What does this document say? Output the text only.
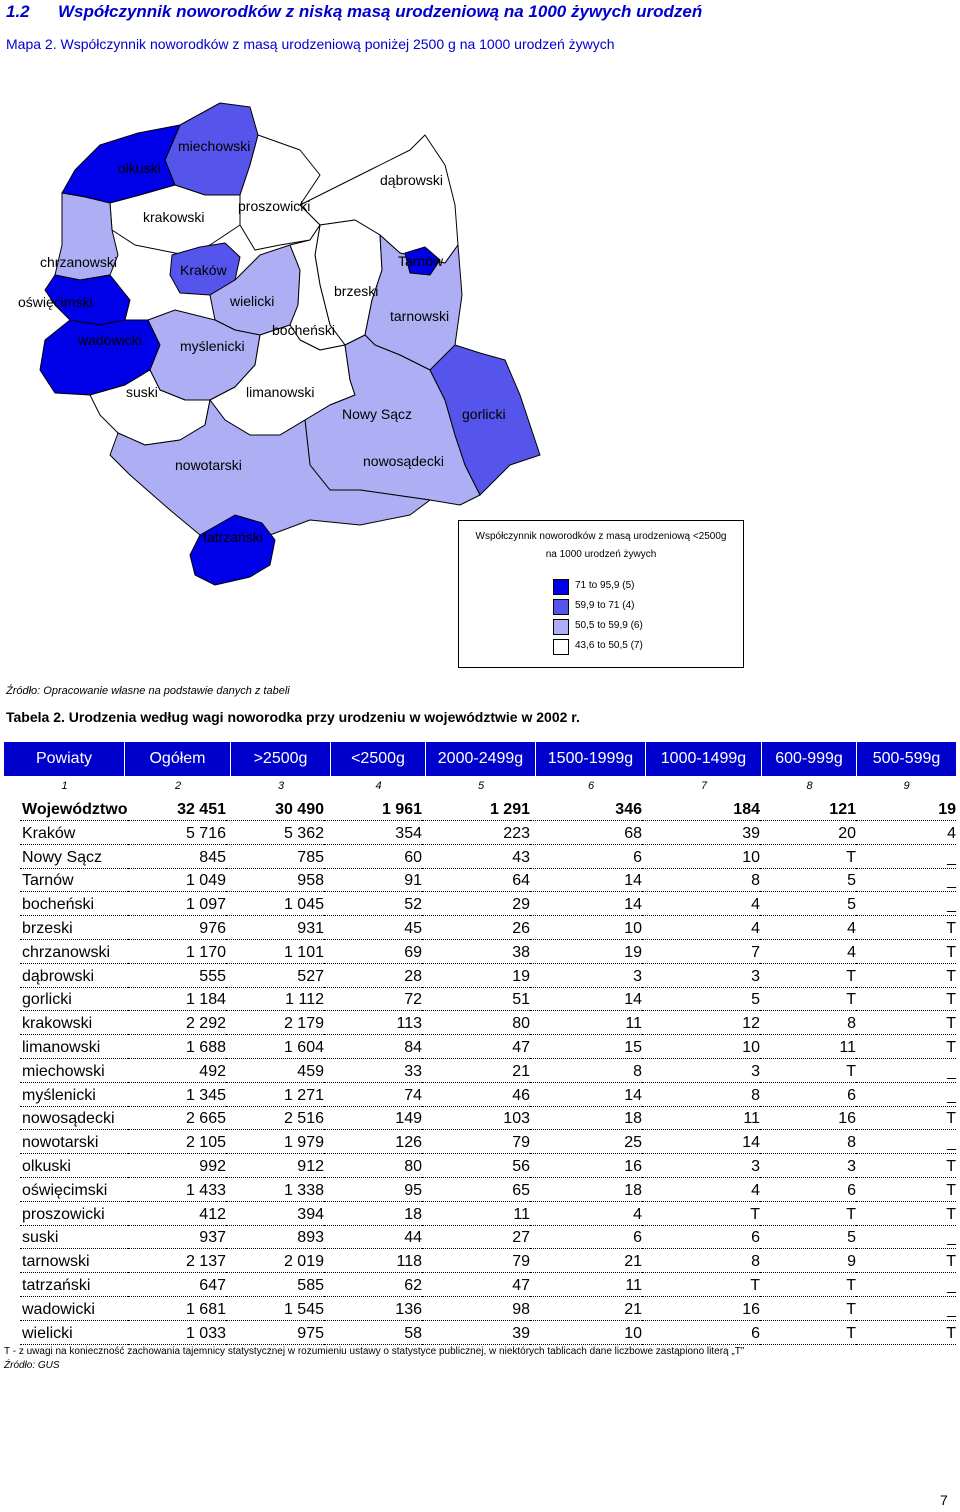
1.2 Współczynnik noworodków z niską masą urodzeniową na 1000 żywych urodzeń
Mapa 2. Współczynnik noworodków z masą urodzeniową poniżej 2500 g na 1000 urodzeń żywych
miechowski
olkuski
dąbrowski
krakowski
proszowicki
chrzanowski	Kraków
Tarnów
brzeski
oświęcimski	wielicki
tarnowski
bocheński
wadowicki	myślenicki
suski	limanowski
Nowy Sącz	gorlicki
nowotarski	nowosądecki
tatrzański	Współczynnik noworodków z masą urodzeniową <2500g
na 1000 urodzeń żywych
71 to 95,9 (5)
59,9 to 71 (4)
50,5 to 59,9 (6)
43,6 to 50,5 (7)
Źródło: Opracowanie własne na podstawie danych z tabeli
Tabela 2. Urodzenia według wagi noworodka przy urodzeniu w województwie w 2002 r.
Powiaty	Ogółem	>2500g	<2500g	2000-2499g	1500-1999g	1000-1499g	600-999g	500-599g
1	2	3	4	5	6	7	8	9
Województwo	32 451	30 490	1 961	1 291	346	184	121	19
Kraków	5 716	5 362	354	223	68	39	20	4
Nowy Sącz	845	785	60	43	6	10	T	_
Tarnów	1 049	958	91	64	14	8	5	_
bocheński	1 097	1 045	52	29	14	4	5	_
brzeski	976	931	45	26	10	4	4	T
chrzanowski	1 170	1 101	69	38	19	7	4	T
dąbrowski	555	527	28	19	3	3	T	T
gorlicki	1 184	1 112	72	51	14	5	T	T
krakowski	2 292	2 179	113	80	11	12	8	T
limanowski	1 688	1 604	84	47	15	10	11	T
miechowski	492	459	33	21	8	3	T	_
myślenicki	1 345	1 271	74	46	14	8	6	_
nowosądecki	2 665	2 516	149	103	18	11	16	T
nowotarski	2 105	1 979	126	79	25	14	8	_
olkuski	992	912	80	56	16	3	3	T
oświęcimski	1 433	1 338	95	65	18	4	6	T
proszowicki	412	394	18	11	4	T	T	T
suski	937	893	44	27	6	6	5	_
tarnowski	2 137	2 019	118	79	21	8	9	T
tatrzański	647	585	62	47	11	T	T	_
wadowicki	1 681	1 545	136	98	21	16	T	_
wielicki	1 033	975	58	39	10	6	T	T
T - z uwagi na konieczność zachowania tajemnicy statystycznej w rozumieniu ustawy o statystyce publicznej, w niektórych tablicach dane liczbowe zastąpiono literą „T”
Źródło: GUS
7
